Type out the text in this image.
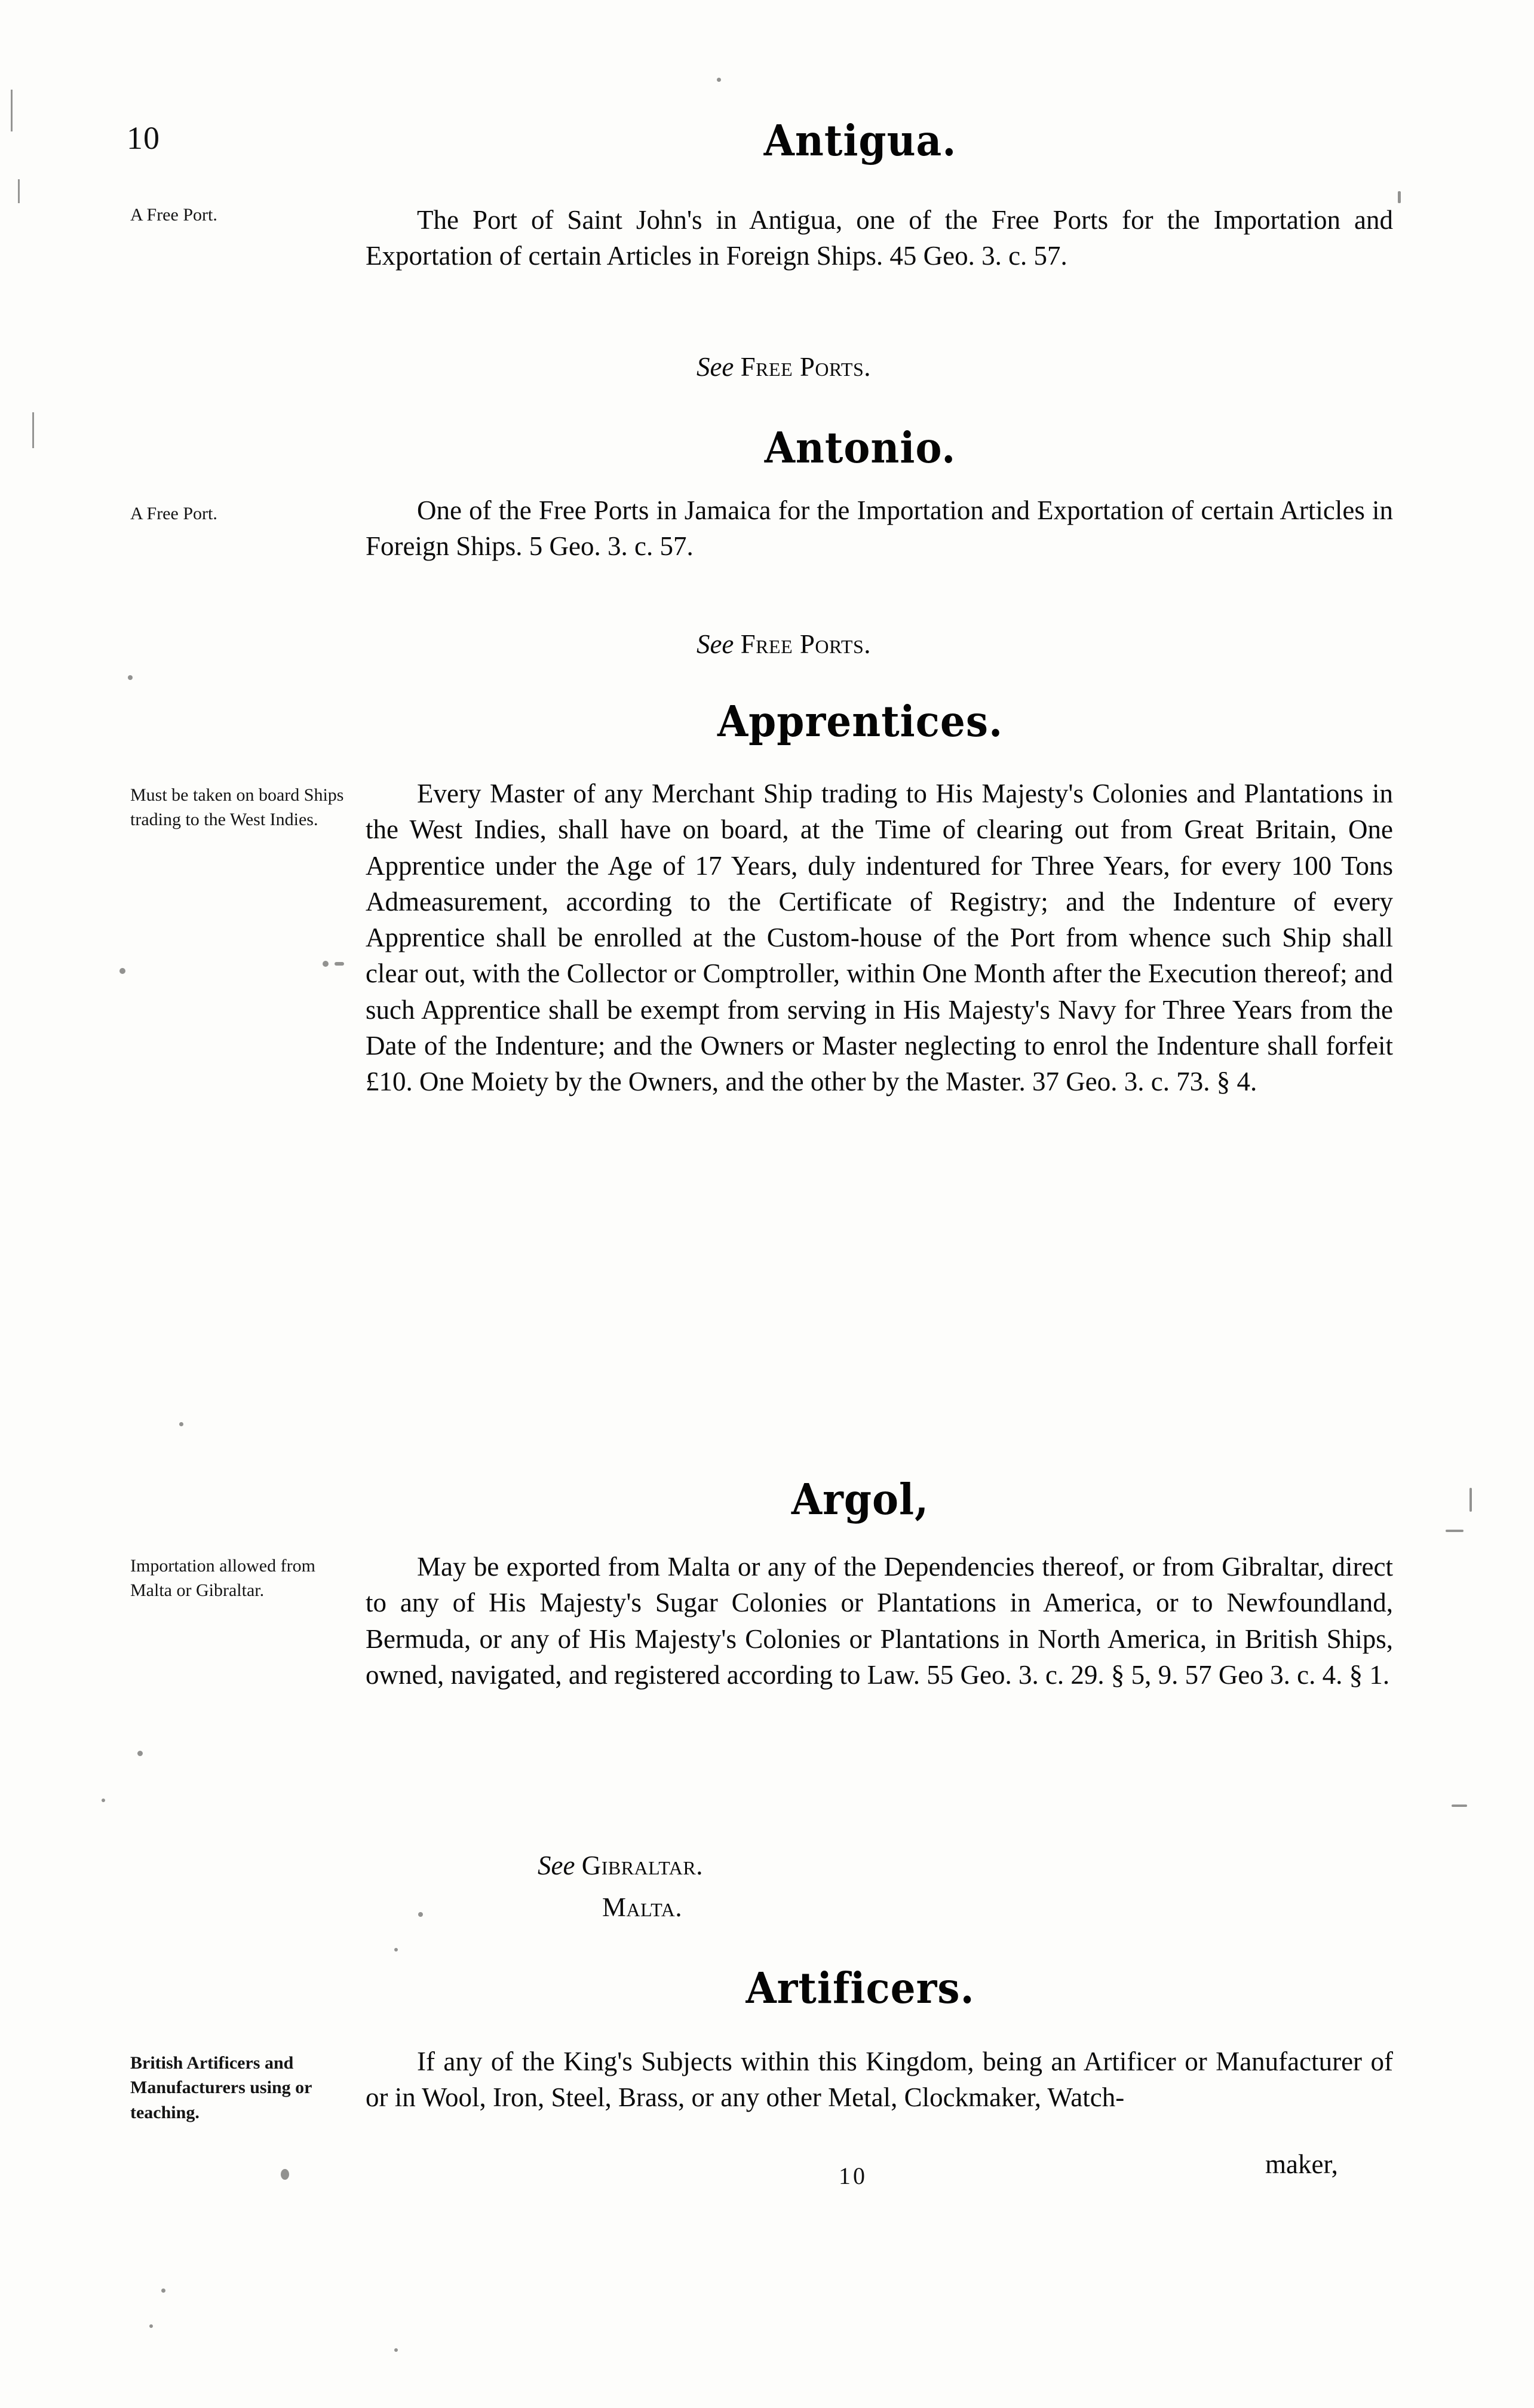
10	Antigua.
A Free Port.	The Port of Saint John's in Antigua, one of the Free Ports for the Importation and Exportation of certain Articles in Foreign Ships. 45 Geo. 3. c. 57.
See Free Ports.
Antonio.
A Free Port.	One of the Free Ports in Jamaica for the Importation and Exportation of certain Articles in Foreign Ships. 5 Geo. 3. c. 57.
See Free Ports.
Apprentices.
Must be taken on board Ships trading to the West Indies.
Every Master of any Merchant Ship trading to His Majesty's Colonies and Plantations in the West Indies, shall have on board, at the Time of clearing out from Great Britain, One Apprentice under the Age of 17 Years, duly indentured for Three Years, for every 100 Tons Admeasurement, according to the Certificate of Registry; and the Indenture of every Apprentice shall be enrolled at the Custom-house of the Port from whence such Ship shall clear out, with the Collector or Comptroller, within One Month after the Execution thereof; and such Apprentice shall be exempt from serving in His Majesty's Navy for Three Years from the Date of the Indenture; and the Owners or Master neglecting to enrol the Indenture shall forfeit £10. One Moiety by the Owners, and the other by the Master. 37 Geo. 3. c. 73. § 4.
Argol,
Importation allowed from Malta or Gibraltar.
May be exported from Malta or any of the Dependencies thereof, or from Gibraltar, direct to any of His Majesty's Sugar Colonies or Plantations in America, or to Newfoundland, Bermuda, or any of His Majesty's Colonies or Plantations in North America, in British Ships, owned, navigated, and registered according to Law. 55 Geo. 3. c. 29. § 5, 9. 57 Geo 3. c. 4. § 1.
See Gibraltar.
Malta.
Artificers.
British Artificers and Manufacturers using or teaching.
If any of the King's Subjects within this Kingdom, being an Artificer or Manufacturer of or in Wool, Iron, Steel, Brass, or any other Metal, Clockmaker, Watch-
10	maker,
